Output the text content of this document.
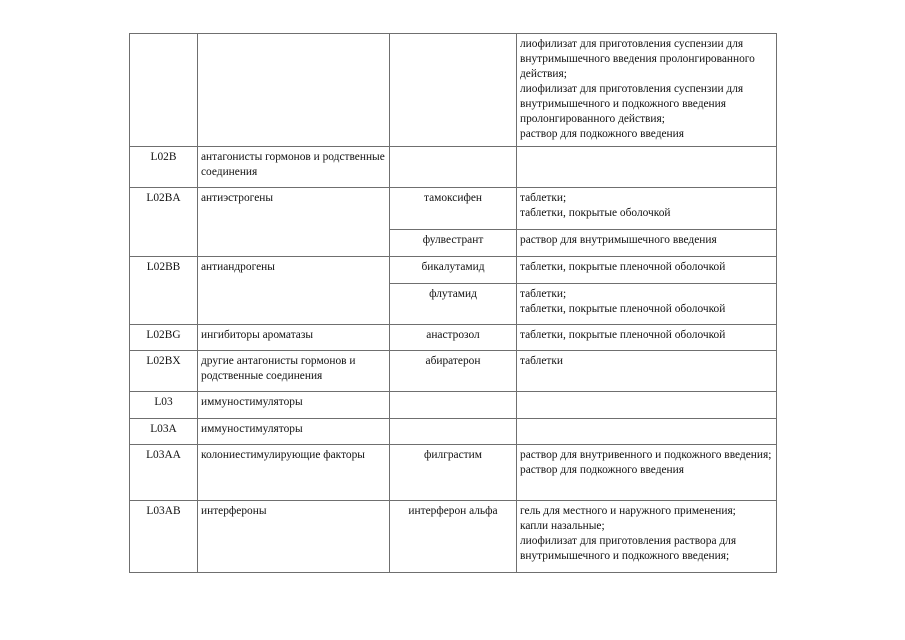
			лиофилизат для приготовления суспензии для внутримышечного введения пролонгированного действия;
лиофилизат для приготовления суспензии для внутримышечного и подкожного введения пролонгированного действия;
раствор для подкожного введения

L02B	антагонисты гормонов и родственные соединения		
L02BA	антиэстрогены	тамоксифен	таблетки;
таблетки, покрытые оболочкой

		фулвестрант	раствор для внутримышечного введения

L02BB	антиандрогены	бикалутамид	таблетки, покрытые пленочной оболочкой

		флутамид	таблетки;
таблетки, покрытые пленочной оболочкой

L02BG	ингибиторы ароматазы	анастрозол	таблетки, покрытые пленочной оболочкой

L02BX	другие антагонисты гормонов и родственные соединения	абиратерон	таблетки

L03	иммуностимуляторы		
L03A	иммуностимуляторы		
L03AA	колониестимулирующие факторы	филграстим	раствор для внутривенного и подкожного введения;
раствор для подкожного введения

L03AB	интерфероны	интерферон альфа	гель для местного и наружного применения;
капли назальные;
лиофилизат для приготовления раствора для внутримышечного и подкожного введения;
